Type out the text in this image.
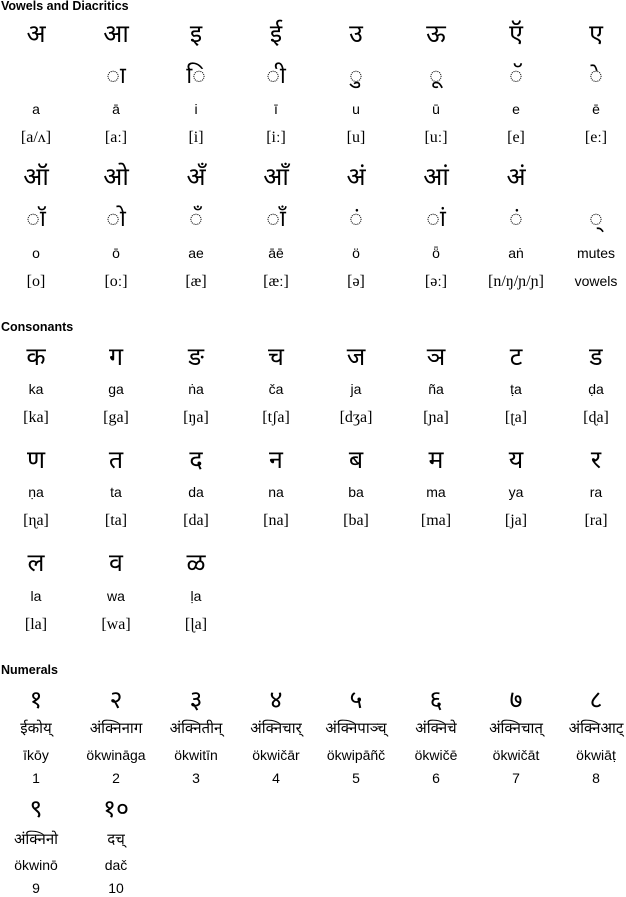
Vowels and Diacritics
Consonants
Numerals
अ
a
[a/ʌ]
आ
ा
ā
[aː]
इ
ि
i
[i]
ई
ी
ī
[iː]
उ
ु
u
[u]
ऊ
ू
ū
[uː]
ऍ
ॅ
e
[e]
ए
े
ē
[eː]
ऑ
ॉ
o
[o]
ओ
ो
ō
[oː]
अँ
ँ
ae
[æ]
आँ
ाँ
āē
[æː]
अं
ं
ö
[ə]
आं
ां
ȫ
[əː]
अं
ं
aṅ
[n/ŋ/ɲ/ɲ]
्
mutes
vowels
क
ka
[ka]
ग
ga
[ga]
ङ
ṅa
[ŋa]
च
ča
[tʃa]
ज
ja
[dʒa]
ञ
ña
[ɲa]
ट
ṭa
[ʈa]
ड
ḍa
[ɖa]
ण
ṇa
[ɳa]
त
ta
[ta]
द
da
[da]
न
na
[na]
ब
ba
[ba]
म
ma
[ma]
य
ya
[ja]
र
ra
[ra]
ल
la
[la]
व
wa
[wa]
ळ
ḷa
[ɭa]
१
ईकोय्
īkōy
1
२
अंक्निनाग
ökwināga
2
३
अंक्नितीन्
ökwitīn
3
४
अंक्निचार्
ökwičār
4
५
अंक्निपाञ्च्
ökwipāñč
5
६
अंक्निचे
ökwičē
6
७
अंक्निचात्
ökwičāt
7
८
अंक्निआट्
ökwiāṭ
8
९
अंक्निनो
ökwinō
9
१०
दच्
dač
10
